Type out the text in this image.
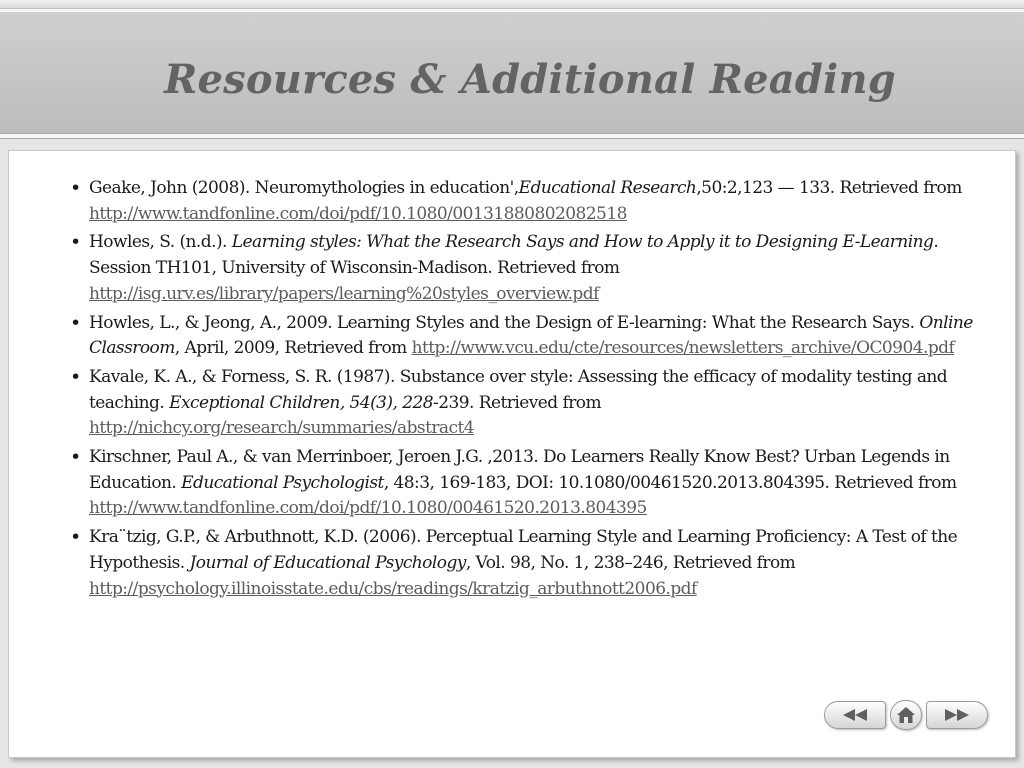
Resources & Additional Reading
• Geake, John (2008). Neuromythologies in education',Educational Research,50:2,123 — 133. Retrieved from http://www.tandfonline.com/doi/pdf/10.1080/00131880802082518
• Howles, S. (n.d.). Learning styles: What the Research Says and How to Apply it to Designing E-Learning. Session TH101, University of Wisconsin-Madison. Retrieved from http://isg.urv.es/library/papers/learning%20styles_overview.pdf
• Howles, L., & Jeong, A., 2009. Learning Styles and the Design of E-learning: What the Research Says. Online Classroom, April, 2009, Retrieved from http://www.vcu.edu/cte/resources/newsletters_archive/OC0904.pdf
• Kavale, K. A., & Forness, S. R. (1987). Substance over style: Assessing the efficacy of modality testing and teaching. Exceptional Children, 54(3), 228-239. Retrieved from http://nichcy.org/research/summaries/abstract4
• Kirschner, Paul A., & van Merrinboer, Jeroen J.G. ,2013. Do Learners Really Know Best? Urban Legends in Education. Educational Psychologist, 48:3, 169-183, DOI: 10.1080/00461520.2013.804395. Retrieved from http://www.tandfonline.com/doi/pdf/10.1080/00461520.2013.804395
• Kra¨tzig, G.P., & Arbuthnott, K.D. (2006). Perceptual Learning Style and Learning Proficiency: A Test of the Hypothesis. Journal of Educational Psychology, Vol. 98, No. 1, 238–246, Retrieved from http://psychology.illinoisstate.edu/cbs/readings/kratzig_arbuthnott2006.pdf
